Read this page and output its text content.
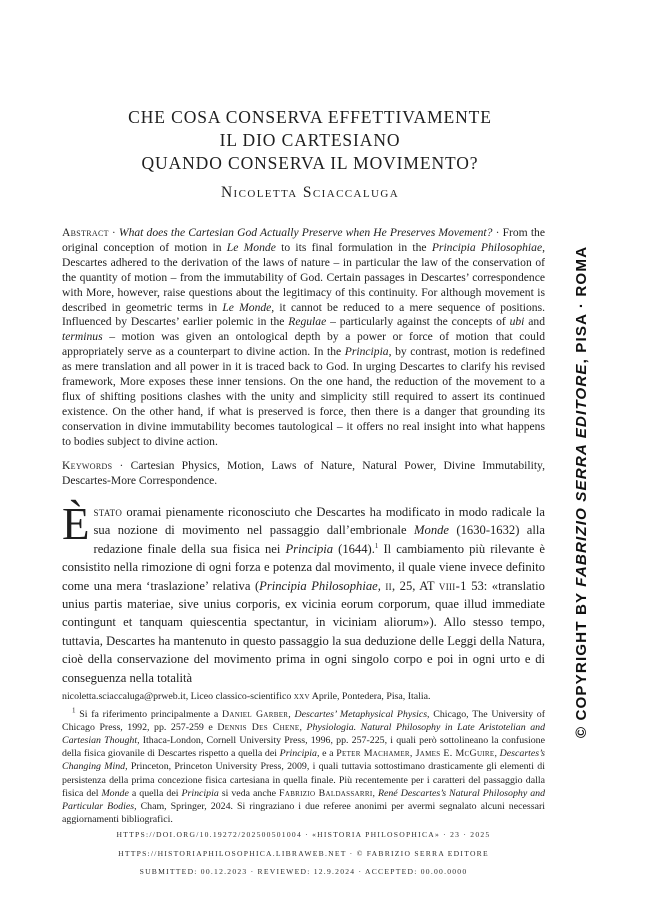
CHE COSA CONSERVA EFFETTIVAMENTE
IL DIO CARTESIANO
QUANDO CONSERVA IL MOVIMENTO?
Nicoletta Sciaccaluga
Abstract · What does the Cartesian God Actually Preserve when He Preserves Movement? · From the original conception of motion in Le Monde to its final formulation in the Principia Philosophiae, Descartes adhered to the derivation of the laws of nature – in particular the law of the conservation of the quantity of motion – from the immutability of God. Certain passages in Descartes’ correspondence with More, however, raise questions about the legitimacy of this continuity. For although movement is described in geometric terms in Le Monde, it cannot be reduced to a mere sequence of positions. Influenced by Descartes’ earlier polemic in the Regulae – particularly against the concepts of ubi and terminus – motion was given an ontological depth by a power or force of motion that could appropriately serve as a counterpart to divine action. In the Principia, by contrast, motion is redefined as mere translation and all power in it is traced back to God. In urging Descartes to clarify his revised framework, More exposes these inner tensions. On the one hand, the reduction of the movement to a flux of shifting positions clashes with the unity and simplicity still required to assert its continued existence. On the other hand, if what is preserved is force, then there is a danger that grounding its conservation in divine immutability becomes tautological – it offers no real insight into what happens to bodies subject to divine action.
Keywords · Cartesian Physics, Motion, Laws of Nature, Natural Power, Divine Immutability, Descartes-More Correspondence.
Èstato oramai pienamente riconosciuto che Descartes ha modificato in modo radicale la sua nozione di movimento nel passaggio dall’embrionale Monde (1630-1632) alla redazione finale della sua fisica nei Principia (1644).$^1$ Il cambiamento più rilevante è consistito nella rimozione di ogni forza e potenza dal movimento, il quale viene invece definito come una mera ‘traslazione’ relativa (Principia Philosophiae, ii, 25, AT viii-1 53: «translatio unius partis materiae, sive unius corporis, ex vicinia eorum corporum, quae illud immediate contingunt et tanquam quiescentia spectantur, in viciniam aliorum»). Allo stesso tempo, tuttavia, Descartes ha mantenuto in questo passaggio la sua deduzione delle Leggi della Natura, cioè della conservazione del movimento prima in ogni singolo corpo e poi in ogni urto e di conseguenza nella totalità
nicoletta.sciaccaluga@prweb.it, Liceo classico-scientifico xxv Aprile, Pontedera, Pisa, Italia.
$^1$ Si fa riferimento principalmente a Daniel Garber, Descartes’ Metaphysical Physics, Chicago, The University of Chicago Press, 1992, pp. 257-259 e Dennis Des Chene, Physiologia. Natural Philosophy in Late Aristotelian and Cartesian Thought, Ithaca-London, Cornell University Press, 1996, pp. 257-225, i quali però sottolineano la confusione della fisica giovanile di Descartes rispetto a quella dei Principia, e a Peter Machamer, James E. McGuire, Descartes’s Changing Mind, Princeton, Princeton University Press, 2009, i quali tuttavia sottostimano drasticamente gli elementi di persistenza della prima concezione fisica cartesiana in quella finale. Più recentemente per i caratteri del passaggio dalla fisica del Monde a quella dei Principia si veda anche Fabrizio Baldassarri, René Descartes’s Natural Philosophy and Particular Bodies, Cham, Springer, 2024. Si ringraziano i due referee anonimi per avermi segnalato alcuni necessari aggiornamenti bibliografici.
HTTPS://DOI.ORG/10.19272/202500501004 · «HISTORIA PHILOSOPHICA» · 23 · 2025
HTTPS://HISTORIAPHILOSOPHICA.LIBRAWEB.NET · © FABRIZIO SERRA EDITORE
SUBMITTED: 00.12.2023 · REVIEWED: 12.9.2024 · ACCEPTED: 00.00.0000
© COPYRIGHT BY FABRIZIO SERRA EDITORE, PISA · ROMA
